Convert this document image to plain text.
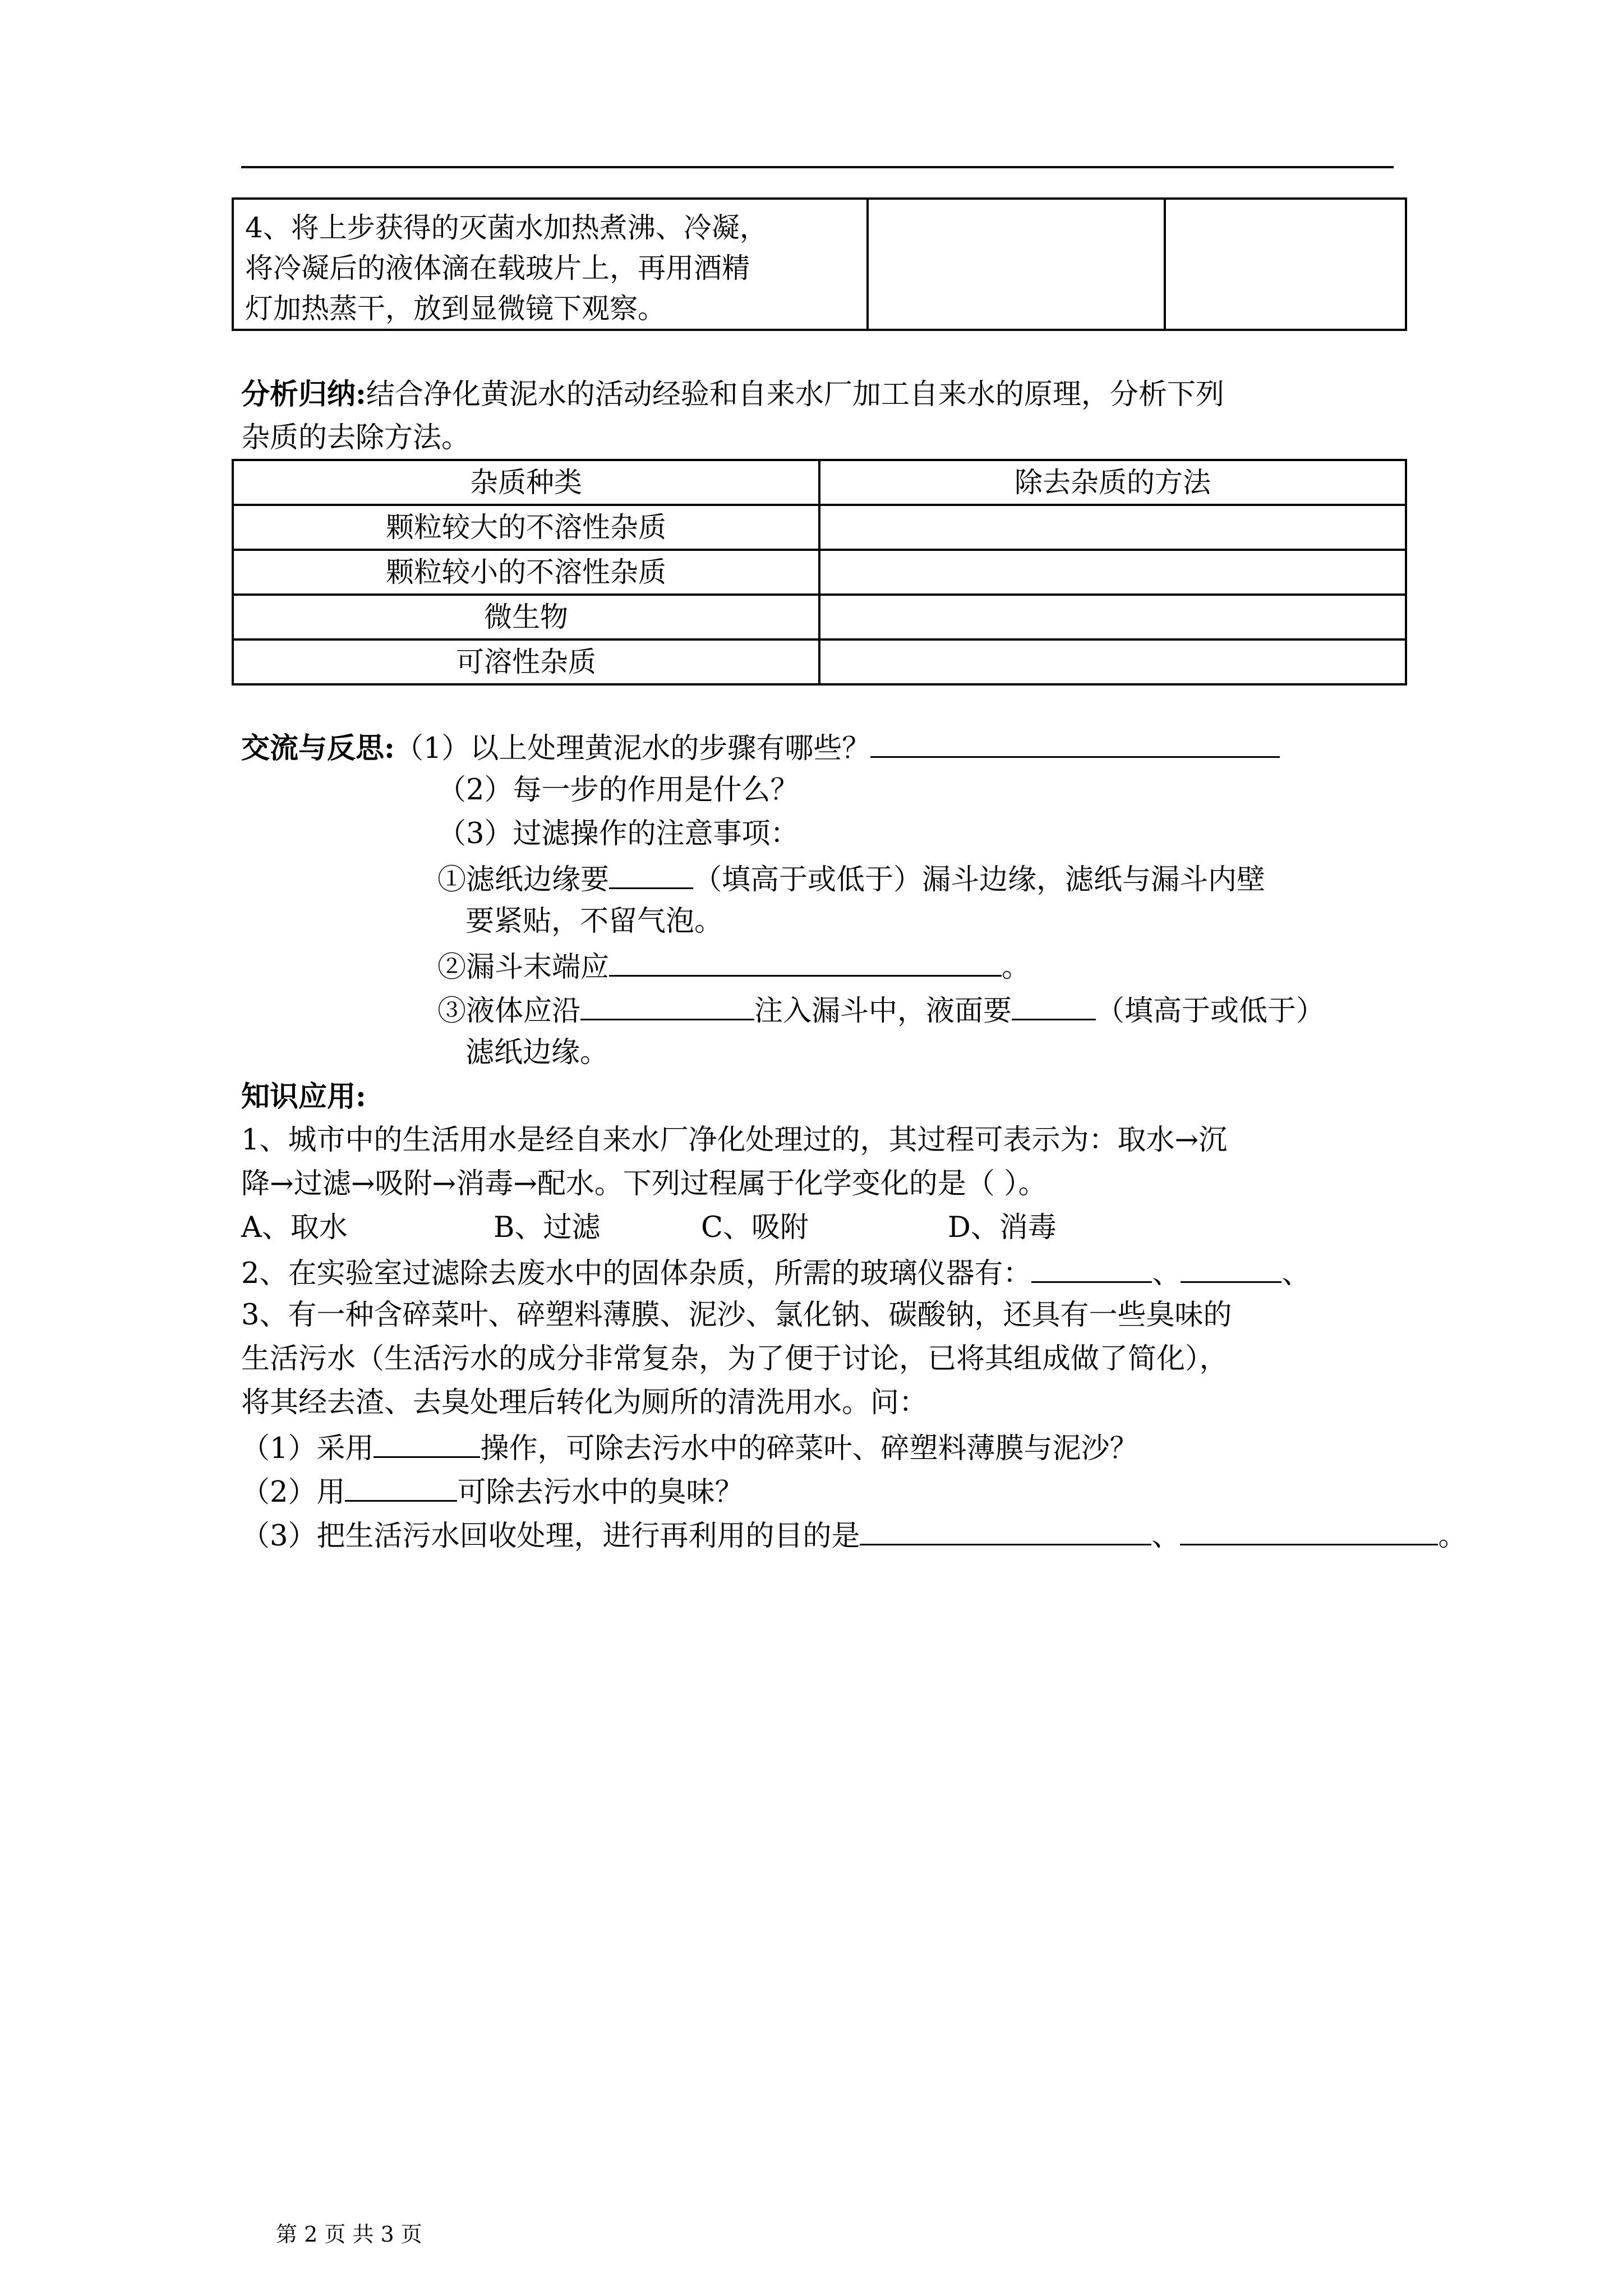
4、将上步获得的灭菌水加热煮沸、冷凝，
将冷凝后的液体滴在载玻片上，再用酒精
灯加热蒸干，放到显微镜下观察。

分析归纳:结合净化黄泥水的活动经验和自来水厂加工自来水的原理，分析下列
杂质的去除方法。
杂质种类	除去杂质的方法
颗粒较大的不溶性杂质	
颗粒较小的不溶性杂质	
微生物	
可溶性杂质	
交流与反思:（1）以上处理黄泥水的步骤有哪些？
（2）每一步的作用是什么？
（3）过滤操作的注意事项：
①滤纸边缘要	（填高于或低于）漏斗边缘，滤纸与漏斗内壁
要紧贴，不留气泡。
②漏斗末端应	。
③液体应沿	注入漏斗中，液面要	（填高于或低于）
滤纸边缘。
知识应用:
1、城市中的生活用水是经自来水厂净化处理过的，其过程可表示为：取水→沉
降→过滤→吸附→消毒→配水。下列过程属于化学变化的是（ ）。
A、取水	B、过滤	C、吸附	D、消毒
2、在实验室过滤除去废水中的固体杂质，所需的玻璃仪器有：	、	、
3、有一种含碎菜叶、碎塑料薄膜、泥沙、氯化钠、碳酸钠，还具有一些臭味的
生活污水（生活污水的成分非常复杂，为了便于讨论，已将其组成做了简化），
将其经去渣、去臭处理后转化为厕所的清洗用水。问：
（1）采用	操作，可除去污水中的碎菜叶、碎塑料薄膜与泥沙？
（2）用	可除去污水中的臭味？
（3）把生活污水回收处理，进行再利用的目的是	、	。
第 2 页 共 3 页
